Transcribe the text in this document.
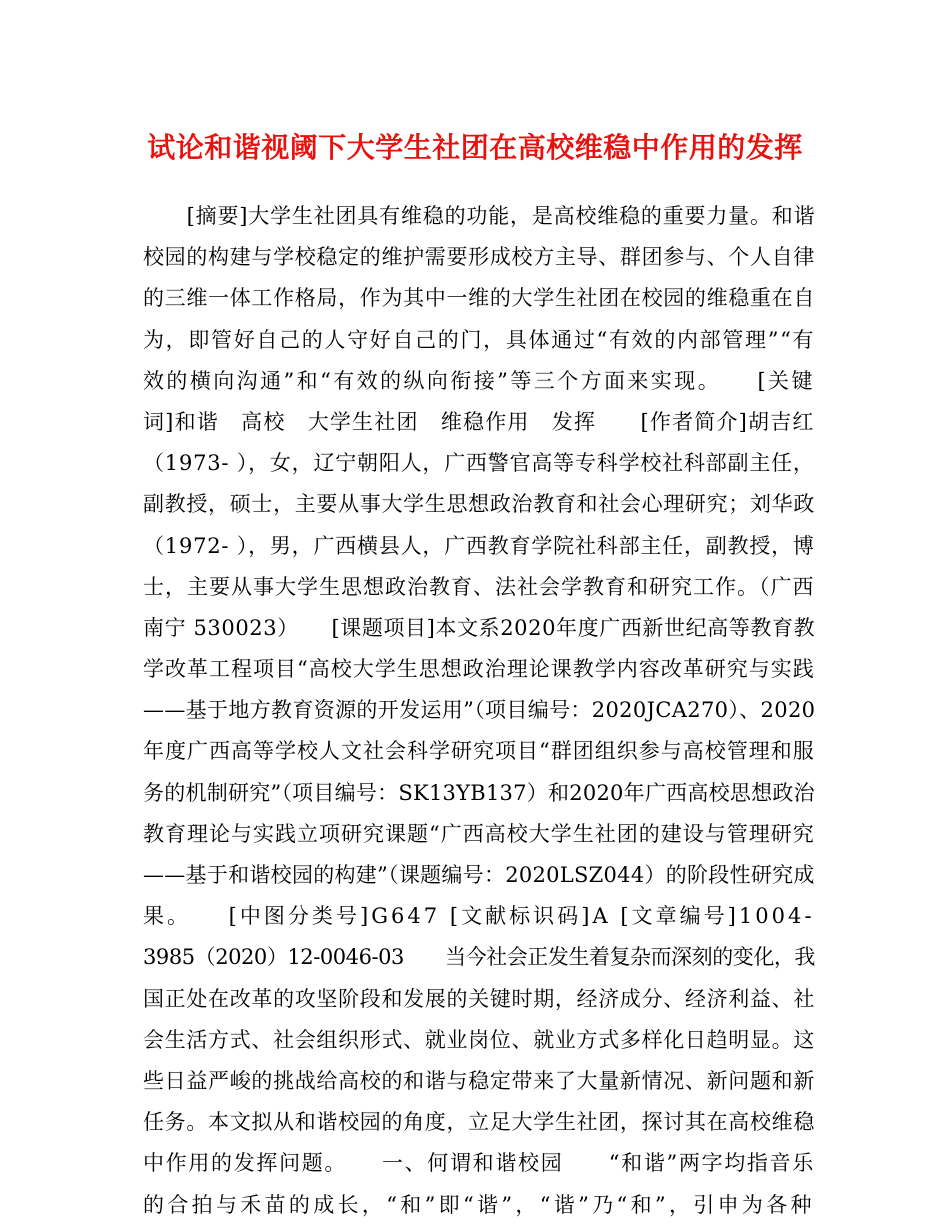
试论和谐视阈下大学生社团在高校维稳中作用的发挥
　　[摘要]大学生社团具有维稳的功能，是高校维稳的重要力量。和谐
校园的构建与学校稳定的维护需要形成校方主导、群团参与、个人自律
的三维一体工作格局，作为其中一维的大学生社团在校园的维稳重在自
为，即管好自己的人守好自己的门，具体通过“有效的内部管理”“有
效的横向沟通”和“有效的纵向衔接”等三个方面来实现。　　[关键
词]和谐　高校　大学生社团　维稳作用　发挥　　[作者简介]胡吉红
（1973- ），女，辽宁朝阳人，广西警官高等专科学校社科部副主任，
副教授，硕士，主要从事大学生思想政治教育和社会心理研究；刘华政
（1972- ），男，广西横县人，广西教育学院社科部主任，副教授，博
士，主要从事大学生思想政治教育、法社会学教育和研究工作。（广西
南宁 530023）　　[课题项目]本文系2020年度广西新世纪高等教育教
学改革工程项目“高校大学生思想政治理论课教学内容改革研究与实践
——基于地方教育资源的开发运用”（项目编号：2020JCA270）、2020
年度广西高等学校人文社会科学研究项目“群团组织参与高校管理和服
务的机制研究”（项目编号：SK13YB137）和2020年广西高校思想政治
教育理论与实践立项研究课题“广西高校大学生社团的建设与管理研究
——基于和谐校园的构建”（课题编号：2020LSZ044）的阶段性研究成
果。　　[中图分类号]G647 [文献标识码]A [文章编号]1004-
3985（2020）12-0046-03　　当今社会正发生着复杂而深刻的变化，我
国正处在改革的攻坚阶段和发展的关键时期，经济成分、经济利益、社
会生活方式、社会组织形式、就业岗位、就业方式多样化日趋明显。这
些日益严峻的挑战给高校的和谐与稳定带来了大量新情况、新问题和新
任务。本文拟从和谐校园的角度，立足大学生社团，探讨其在高校维稳
中作用的发挥问题。　　一、何谓和谐校园　　“和谐”两字均指音乐
的合拍与禾苗的成长，“和”即“谐”，“谐”乃“和”，引申为各种
